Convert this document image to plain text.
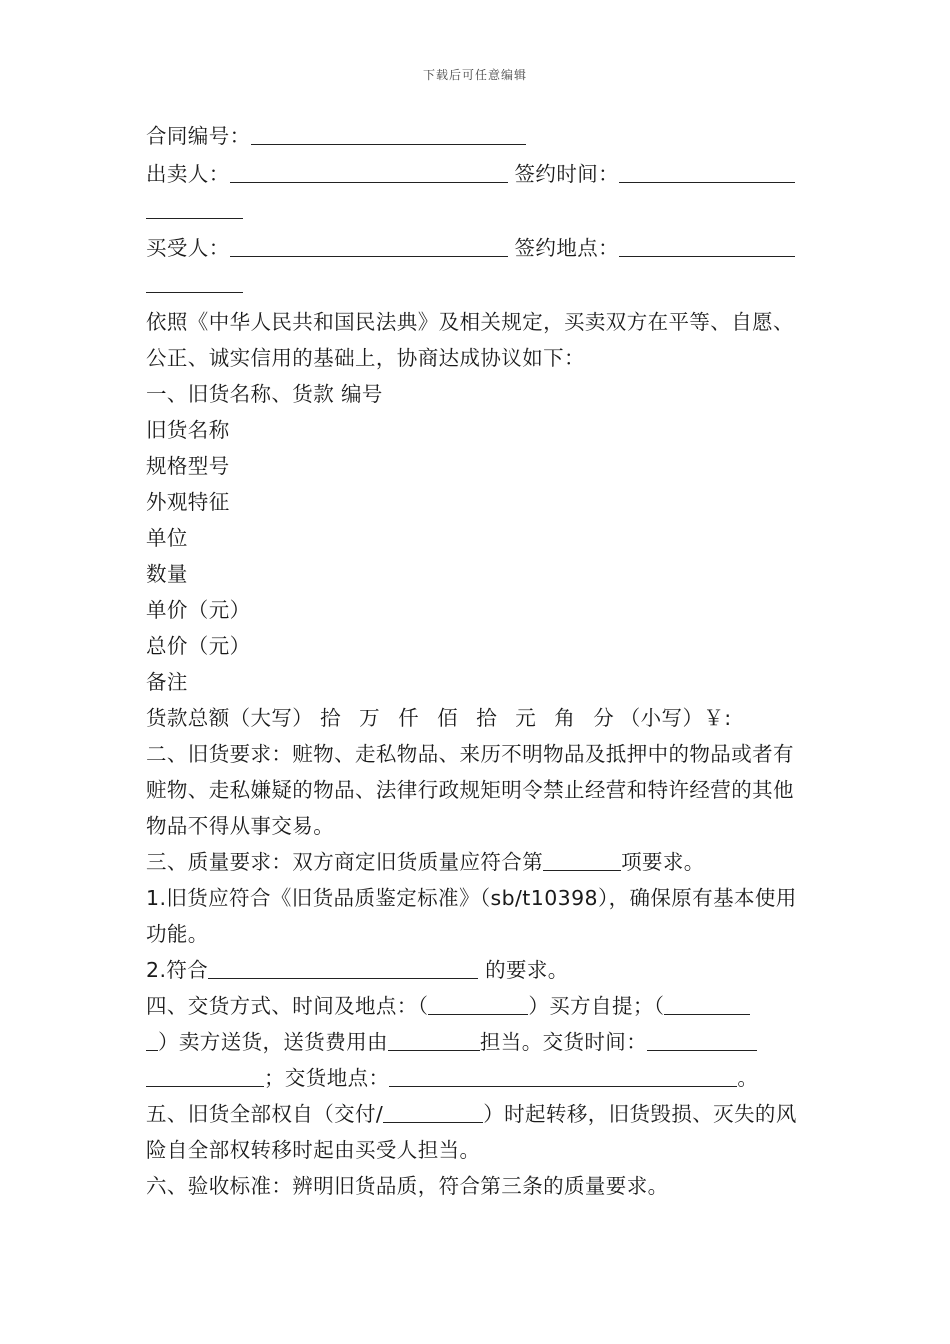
下载后可任意编辑

合同编号：

出卖人：	签约时间：

买受人：	签约地点：

依照《中华人民共和国民法典》及相关规定，买卖双方在平等、自愿、公正、诚实信用的基础上，协商达成协议如下：

一、旧货名称、货款 编号

旧货名称

规格型号

外观特征

单位

数量

单价（元）

总价（元）

备注

货款总额（大写） 拾 万 仟 佰 拾 元 角 分（小写）￥:

二、旧货要求：赃物、走私物品、来历不明物品及抵押中的物品或者有赃物、走私嫌疑的物品、法律行政规矩明令禁止经营和特许经营的其他物品不得从事交易。

三、质量要求：双方商定旧货质量应符合第	项要求。

1.旧货应符合《旧货品质鉴定标准》（sb/t10398），确保原有基本使用功能。

2.符合	的要求。

四、交货方式、时间及地点：（	）买方自提；（
）卖方送货，送货费用由	担当。交货时间：
；交货地点：	。

五、旧货全部权自（交付/	）时起转移，旧货毁损、灭失的风险自全部权转移时起由买受人担当。

六、验收标准：辨明旧货品质，符合第三条的质量要求。
